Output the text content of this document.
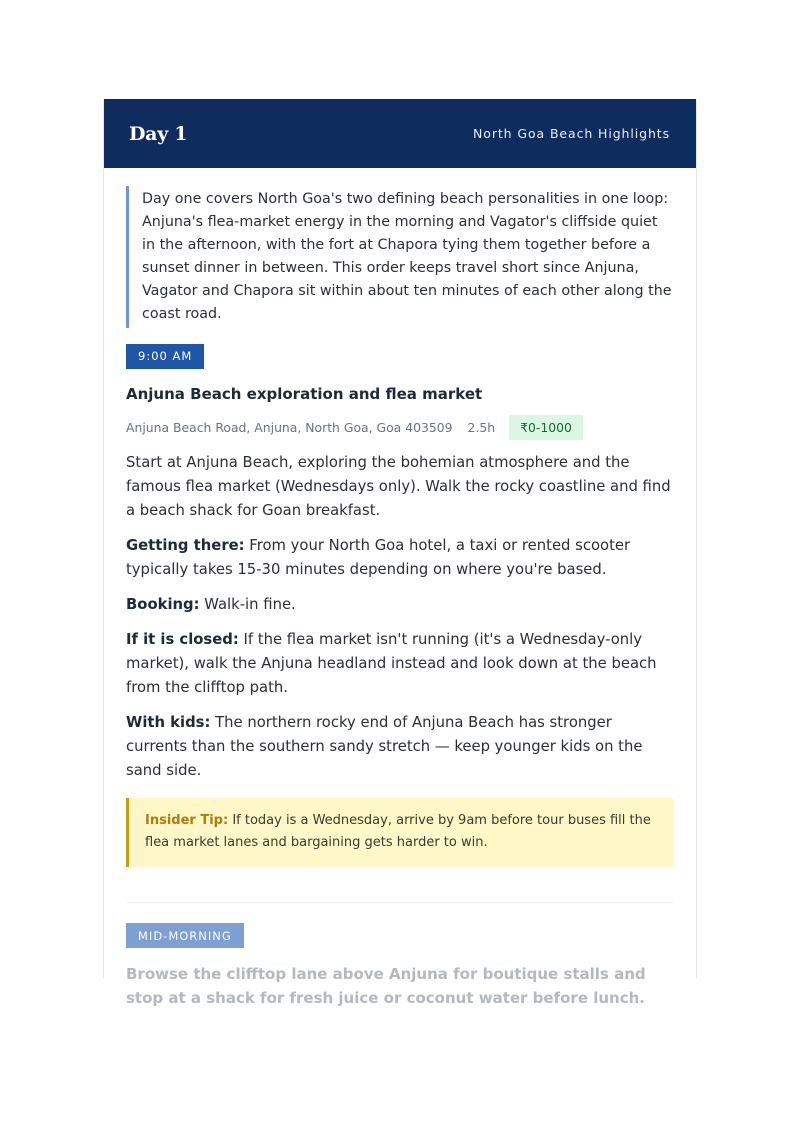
Day 1	North Goa Beach Highlights
Day one covers North Goa's two defining beach personalities in one loop: Anjuna's flea-market energy in the morning and Vagator's cliffside quiet in the afternoon, with the fort at Chapora tying them together before a sunset dinner in between. This order keeps travel short since Anjuna, Vagator and Chapora sit within about ten minutes of each other along the coast road.
9:00 AM
Anjuna Beach exploration and flea market
Anjuna Beach Road, Anjuna, North Goa, Goa 403509 2.5h	₹0-1000

Start at Anjuna Beach, exploring the bohemian atmosphere and the famous flea market (Wednesdays only). Walk the rocky coastline and find a beach shack for Goan breakfast.

Getting there: From your North Goa hotel, a taxi or rented scooter typically takes 15-30 minutes depending on where you're based.

Booking: Walk-in fine.

If it is closed: If the flea market isn't running (it's a Wednesday-only market), walk the Anjuna headland instead and look down at the beach from the clifftop path.

With kids: The northern rocky end of Anjuna Beach has stronger currents than the southern sandy stretch — keep younger kids on the sand side.

Insider Tip: If today is a Wednesday, arrive by 9am before tour buses fill the flea market lanes and bargaining gets harder to win.
MID-MORNING
Browse the clifftop lane above Anjuna for boutique stalls and stop at a shack for fresh juice or coconut water before lunch.
